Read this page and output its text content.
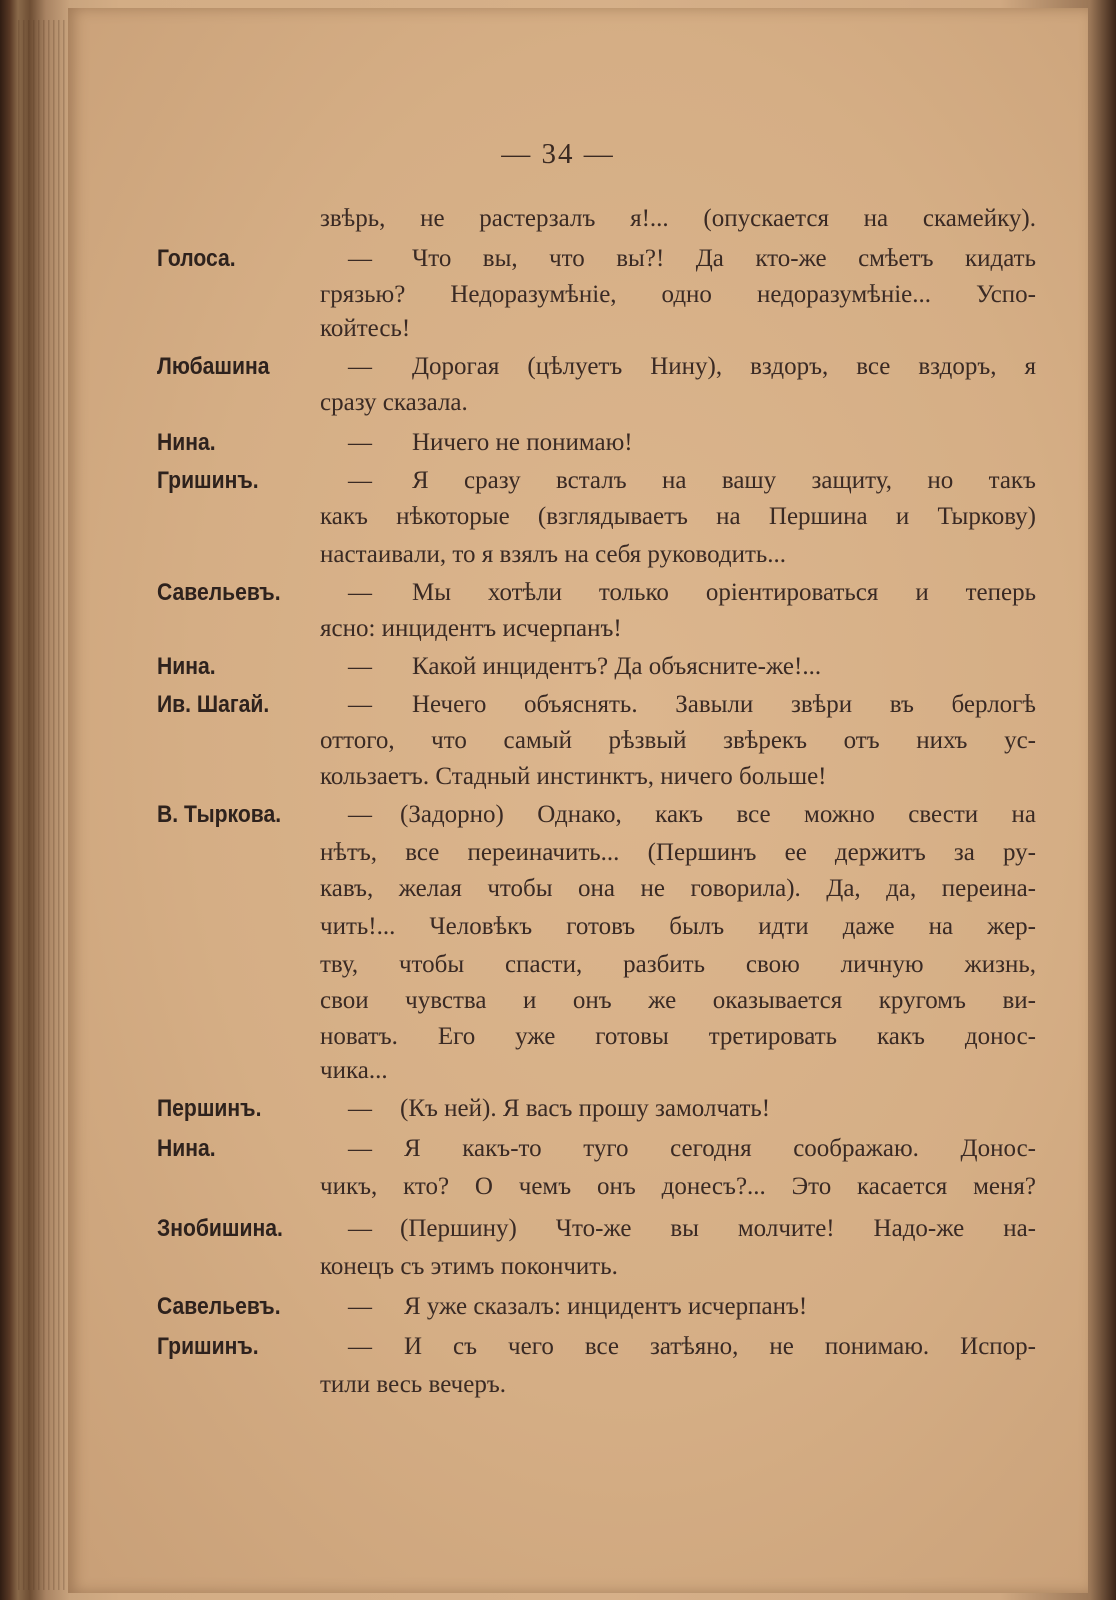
— 34 —
звѣрь, не растерзалъ я!... (опускается на скамейку).
Голоса.	— Что вы, что вы?! Да кто-же смѣетъ кидать
грязью? Недоразумѣніе, одно недоразумѣніе... Успо-
койтесь!
Любашина	— Дорогая (цѣлуетъ Нину), вздоръ, все вздоръ, я
сразу сказала.
Нина.	— Ничего не понимаю!
Гришинъ.	— Я сразу всталъ на вашу защиту, но такъ
какъ нѣкоторые (взглядываетъ на Першина и Тыркову)
настаивали, то я взялъ на себя руководить...
Савельевъ.	— Мы хотѣли только оріентироваться и теперь
ясно: инцидентъ исчерпанъ!
Нина.	— Какой инцидентъ? Да объясните-же!...
Ив. Шагай.	— Нечего объяснять. Завыли звѣри въ берлогѣ
оттого, что самый рѣзвый звѣрекъ отъ нихъ ус-
кользаетъ. Стадный инстинктъ, ничего больше!
В. Тыркова.	— (Задорно) Однако, какъ все можно свести на
нѣтъ, все переиначить... (Першинъ ее держитъ за ру-
кавъ, желая чтобы она не говорила). Да, да, переина-
чить!... Человѣкъ готовъ былъ идти даже на жер-
тву, чтобы спасти, разбить свою личную жизнь,
свои чувства и онъ же оказывается кругомъ ви-
новатъ. Его уже готовы третировать какъ донос-
чика...
Першинъ.	— (Къ ней). Я васъ прошу замолчать!
Нина.	— Я какъ-то туго сегодня соображаю. Донос-
чикъ, кто? О чемъ онъ донесъ?... Это касается меня?
Знобишина.	— (Першину) Что-же вы молчите! Надо-же на-
конецъ съ этимъ покончить.
Савельевъ.	— Я уже сказалъ: инцидентъ исчерпанъ!
Гришинъ.	— И съ чего все затѣяно, не понимаю. Испор-
тили весь вечеръ.
